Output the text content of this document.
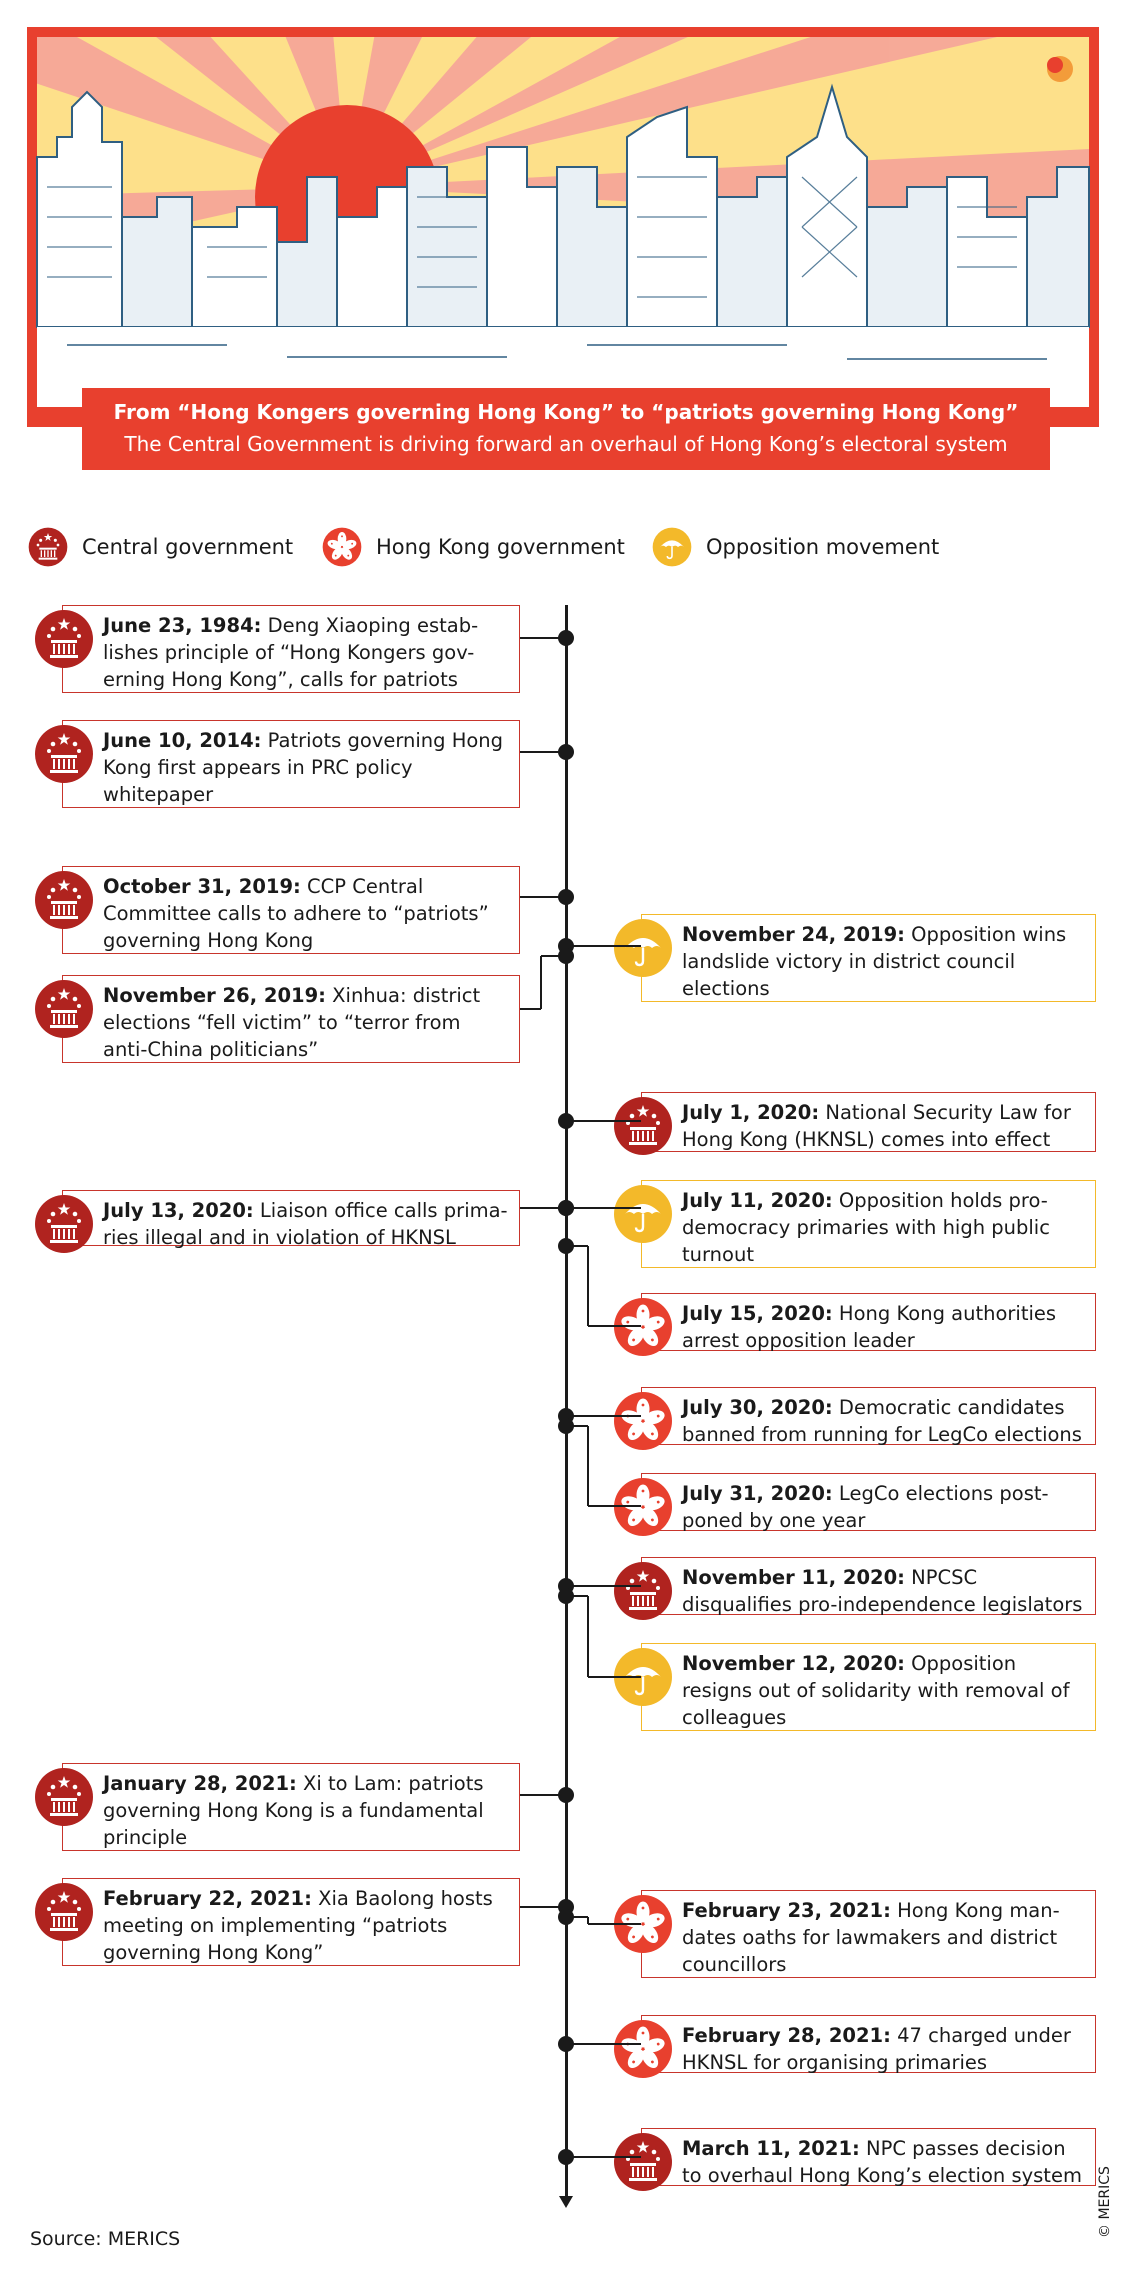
From “Hong Kongers governing Hong Kong” to “patriots governing Hong Kong”
The Central Government is driving forward an overhaul of Hong Kong’s electoral system
Central government	Hong Kong government	Opposition movement
June 23, 1984: Deng Xiaoping estab-lishes principle of “Hong Kongers gov-erning Hong Kong”, calls for patriots
June 10, 2014: Patriots governing Hong Kong first appears in PRC policy whitepaper
October 31, 2019: CCP Central Committee calls to adhere to “patriots” governing Hong Kong	November 24, 2019: Opposition wins landslide victory in district council elections
November 26, 2019: Xinhua: district elections “fell victim” to “terror from anti-China politicians”
July 1, 2020: National Security Law for Hong Kong (HKNSL) comes into effect
July 13, 2020: Liaison office calls prima-ries illegal and in violation of HKNSL
July 11, 2020: Opposition holds pro-democracy primaries with high public turnout
July 15, 2020: Hong Kong authorities arrest opposition leader
July 30, 2020: Democratic candidates banned from running for LegCo elections
July 31, 2020: LegCo elections post-poned by one year
November 11, 2020: NPCSC disqualifies pro-independence legislators
November 12, 2020: Opposition resigns out of solidarity with removal of colleagues
January 28, 2021: Xi to Lam: patriots governing Hong Kong is a fundamental principle
February 22, 2021: Xia Baolong hosts meeting on implementing “patriots governing Hong Kong”
February 23, 2021: Hong Kong man-dates oaths for lawmakers and district councillors
February 28, 2021: 47 charged under HKNSL for organising primaries
March 11, 2021: NPC passes decision to overhaul Hong Kong’s election system
Source: MERICS
© MERICS
